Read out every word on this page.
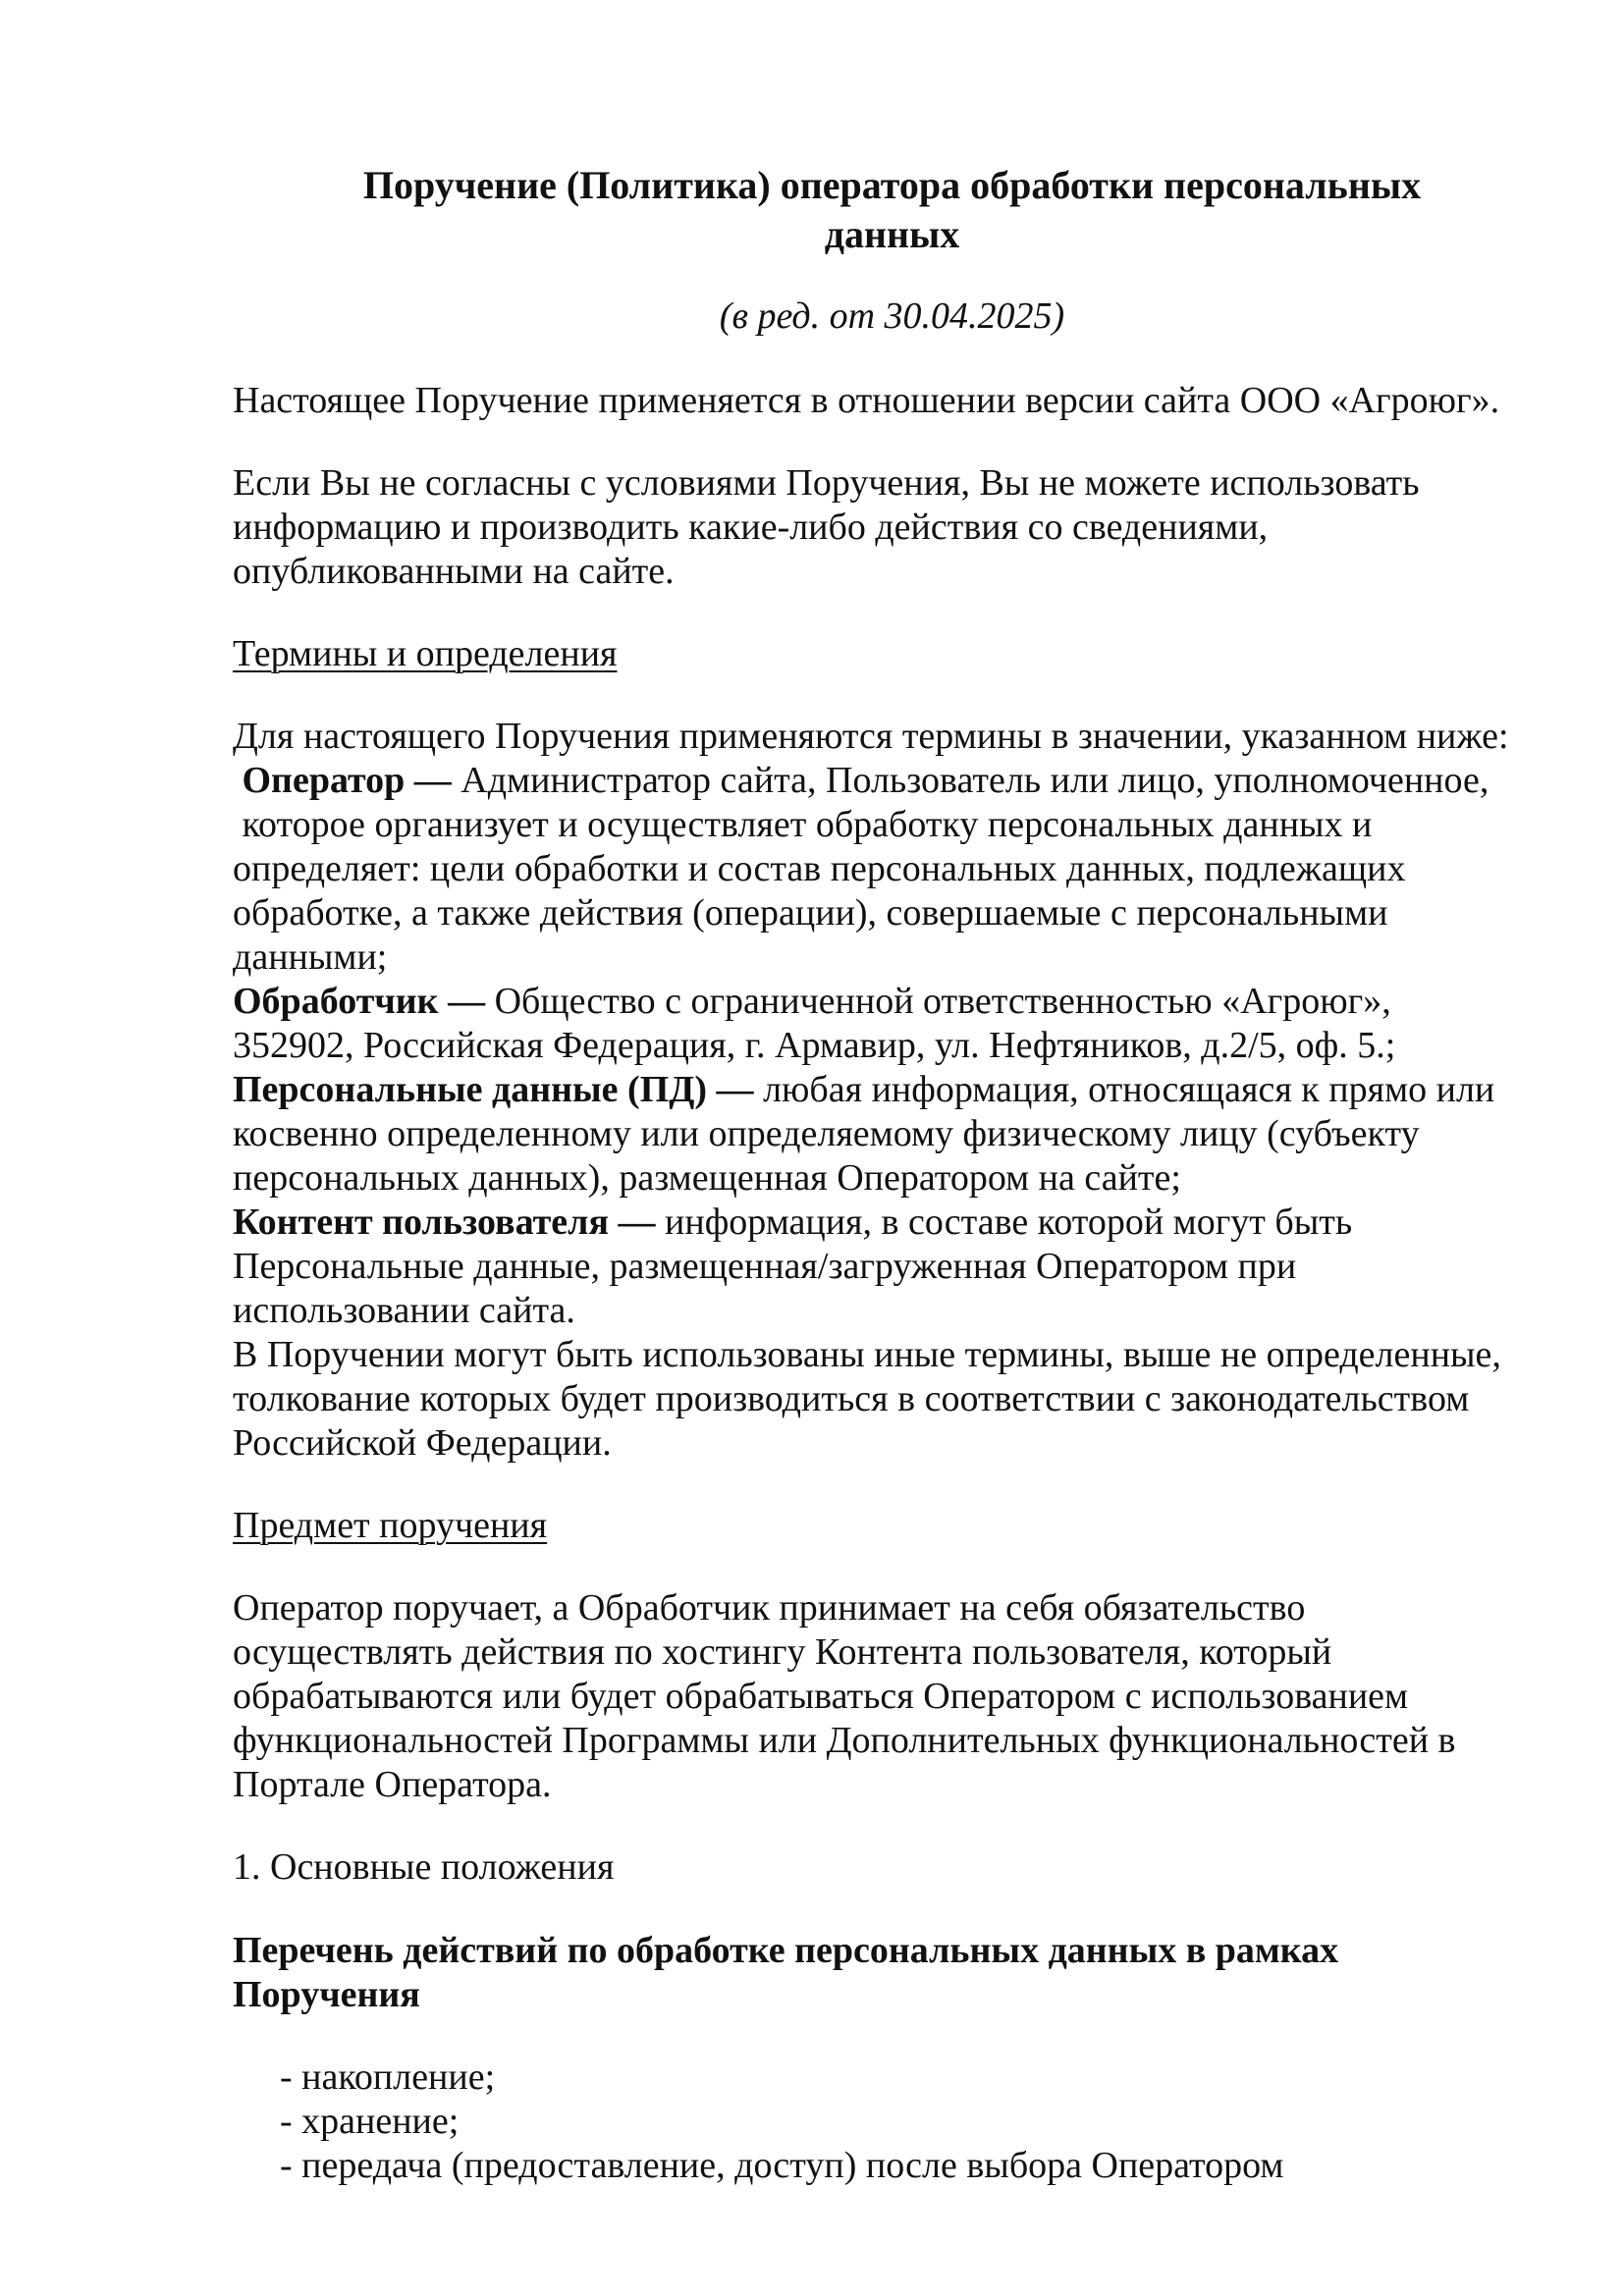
Поручение (Политика) оператора обработки персональных
данных
(в ред. от 30.04.2025)
Настоящее Поручение применяется в отношении версии сайта ООО «Агроюг».
Если Вы не согласны с условиями Поручения, Вы не можете использовать
информацию и производить какие-либо действия со сведениями,
опубликованными на сайте.
Термины и определения
Для настоящего Поручения применяются термины в значении, указанном ниже:
Оператор — Администратор сайта, Пользователь или лицо, уполномоченное,
которое организует и осуществляет обработку персональных данных и
определяет: цели обработки и состав персональных данных, подлежащих
обработке, а также действия (операции), совершаемые с персональными
данными;
Обработчик — Общество с ограниченной ответственностью «Агроюг»,
352902, Российская Федерация, г. Армавир, ул. Нефтяников, д.2/5, оф. 5.;
Персональные данные (ПД) — любая информация, относящаяся к прямо или
косвенно определенному или определяемому физическому лицу (субъекту
персональных данных), размещенная Оператором на сайте;
Контент пользователя — информация, в составе которой могут быть
Персональные данные, размещенная/загруженная Оператором при
использовании сайта.
В Поручении могут быть использованы иные термины, выше не определенные,
толкование которых будет производиться в соответствии с законодательством
Российской Федерации.
Предмет поручения
Оператор поручает, а Обработчик принимает на себя обязательство
осуществлять действия по хостингу Контента пользователя, который
обрабатываются или будет обрабатываться Оператором с использованием
функциональностей Программы или Дополнительных функциональностей в
Портале Оператора.
1. Основные положения
Перечень действий по обработке персональных данных в рамках
Поручения
- накопление;
- хранение;
- передача (предоставление, доступ) после выбора Оператором
